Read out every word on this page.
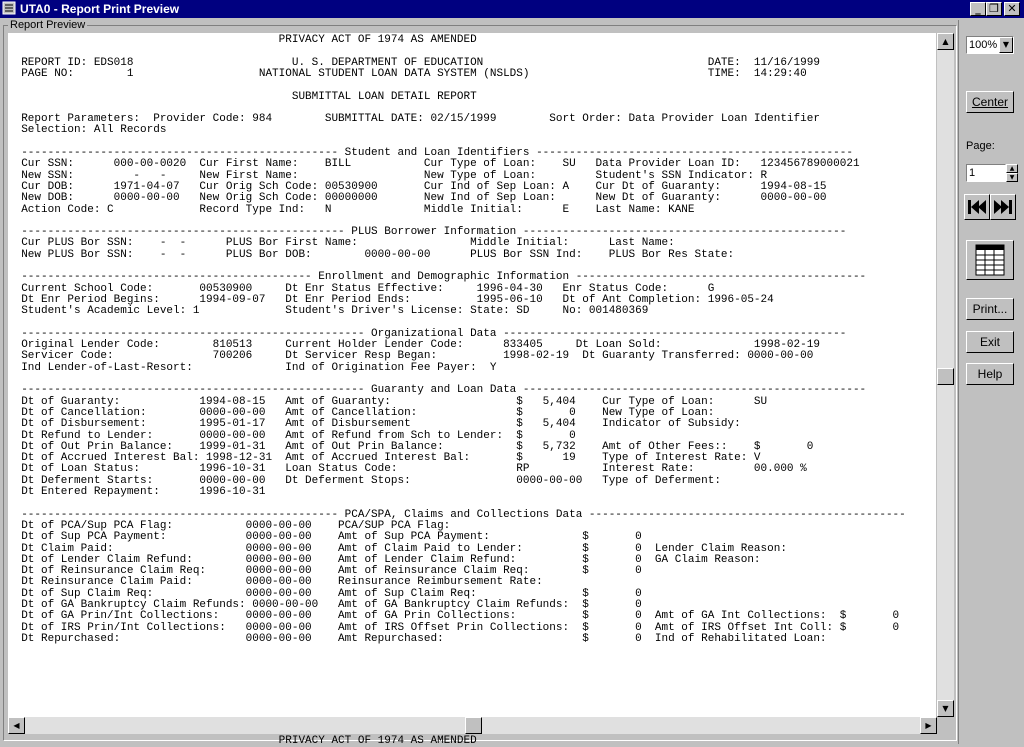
UTA0 - Report Print Preview	_ ❐ ✕
Report Preview
PRIVACY ACT OF 1974 AS AMENDED
REPORT ID: EDS018                        U. S. DEPARTMENT OF EDUCATION                                  DATE:  11/16/1999
PAGE NO:        1                   NATIONAL STUDENT LOAN DATA SYSTEM (NSLDS)                           TIME:  14:29:40
SUBMITTAL LOAN DETAIL REPORT
Report Parameters:  Provider Code: 984        SUBMITTAL DATE: 02/15/1999        Sort Order: Data Provider Loan Identifier
Selection: All Records
------------------------------------------------ Student and Loan Identifiers ------------------------------------------------
Cur SSN:      000-00-0020  Cur First Name:    BILL           Cur Type of Loan:    SU   Data Provider Loan ID:   123456789000021
New SSN:         -   -     New First Name:                   New Type of Loan:         Student's SSN Indicator: R
Cur DOB:      1971-04-07   Cur Orig Sch Code: 00530900       Cur Ind of Sep Loan: A    Cur Dt of Guaranty:      1994-08-15
New DOB:      0000-00-00   New Orig Sch Code: 00000000       New Ind of Sep Loan:      New Dt of Guaranty:      0000-00-00
Action Code: C             Record Type Ind:   N              Middle Initial:      E    Last Name: KANE
------------------------------------------------- PLUS Borrower Information -------------------------------------------------
Cur PLUS Bor SSN:    -  -      PLUS Bor First Name:                 Middle Initial:      Last Name:
New PLUS Bor SSN:    -  -      PLUS Bor DOB:        0000-00-00      PLUS Bor SSN Ind:    PLUS Bor Res State:
-------------------------------------------- Enrollment and Demographic Information --------------------------------------------
Current School Code:       00530900     Dt Enr Status Effective:     1996-04-30   Enr Status Code:      G
Dt Enr Period Begins:      1994-09-07   Dt Enr Period Ends:          1995-06-10   Dt of Ant Completion: 1996-05-24
Student's Academic Level: 1             Student's Driver's License: State: SD     No: 001480369
---------------------------------------------------- Organizational Data ----------------------------------------------------
Original Lender Code:        810513     Current Holder Lender Code:      833405     Dt Loan Sold:              1998-02-19
Servicer Code:               700206     Dt Servicer Resp Began:          1998-02-19  Dt Guaranty Transferred: 0000-00-00
Ind Lender-of-Last-Resort:              Ind of Origination Fee Payer:  Y
---------------------------------------------------- Guaranty and Loan Data ----------------------------------------------------
Dt of Guaranty:            1994-08-15   Amt of Guaranty:                   $   5,404    Cur Type of Loan:      SU
Dt of Cancellation:        0000-00-00   Amt of Cancellation:               $       0    New Type of Loan:
Dt of Disbursement:        1995-01-17   Amt of Disbursement                $   5,404    Indicator of Subsidy:
Dt Refund to Lender:       0000-00-00   Amt of Refund from Sch to Lender:  $       0
Dt of Out Prin Balance:    1999-01-31   Amt of Out Prin Balance:           $   5,732    Amt of Other Fees::    $       0
Dt of Accrued Interest Bal: 1998-12-31  Amt of Accrued Interest Bal:       $      19    Type of Interest Rate: V
Dt of Loan Status:         1996-10-31   Loan Status Code:                  RP           Interest Rate:         00.000 %
Dt Deferment Starts:       0000-00-00   Dt Deferment Stops:                0000-00-00   Type of Deferment:
Dt Entered Repayment:      1996-10-31
------------------------------------------------ PCA/SPA, Claims and Collections Data ------------------------------------------------
Dt of PCA/Sup PCA Flag:           0000-00-00    PCA/SUP PCA Flag:
Dt of Sup PCA Payment:            0000-00-00    Amt of Sup PCA Payment:              $       0
Dt Claim Paid:                    0000-00-00    Amt of Claim Paid to Lender:         $       0  Lender Claim Reason:
Dt of Lender Claim Refund:        0000-00-00    Amt of Lender Claim Refund:          $       0  GA Claim Reason:
Dt of Reinsurance Claim Req:      0000-00-00    Amt of Reinsurance Claim Req:        $       0
Dt Reinsurance Claim Paid:        0000-00-00    Reinsurance Reimbursement Rate:
Dt of Sup Claim Req:              0000-00-00    Amt of Sup Claim Req:                $       0
Dt of GA Bankruptcy Claim Refunds: 0000-00-00   Amt of GA Bankruptcy Claim Refunds:  $       0
Dt of GA Prin/Int Collections:    0000-00-00    Amt of GA Prin Collections:          $       0  Amt of GA Int Collections:  $       0
Dt of IRS Prin/Int Collections:   0000-00-00    Amt of IRS Offset Prin Collections:  $       0  Amt of IRS Offset Int Coll: $       0
Dt Repurchased:                   0000-00-00    Amt Repurchased:                     $       0  Ind of Rehabilitated Loan:
PRIVACY ACT OF 1974 AS AMENDED
▲
▼
◀	▶
100% ▼
Center
Page:
1	▲
▼
Print...
Exit
Help
